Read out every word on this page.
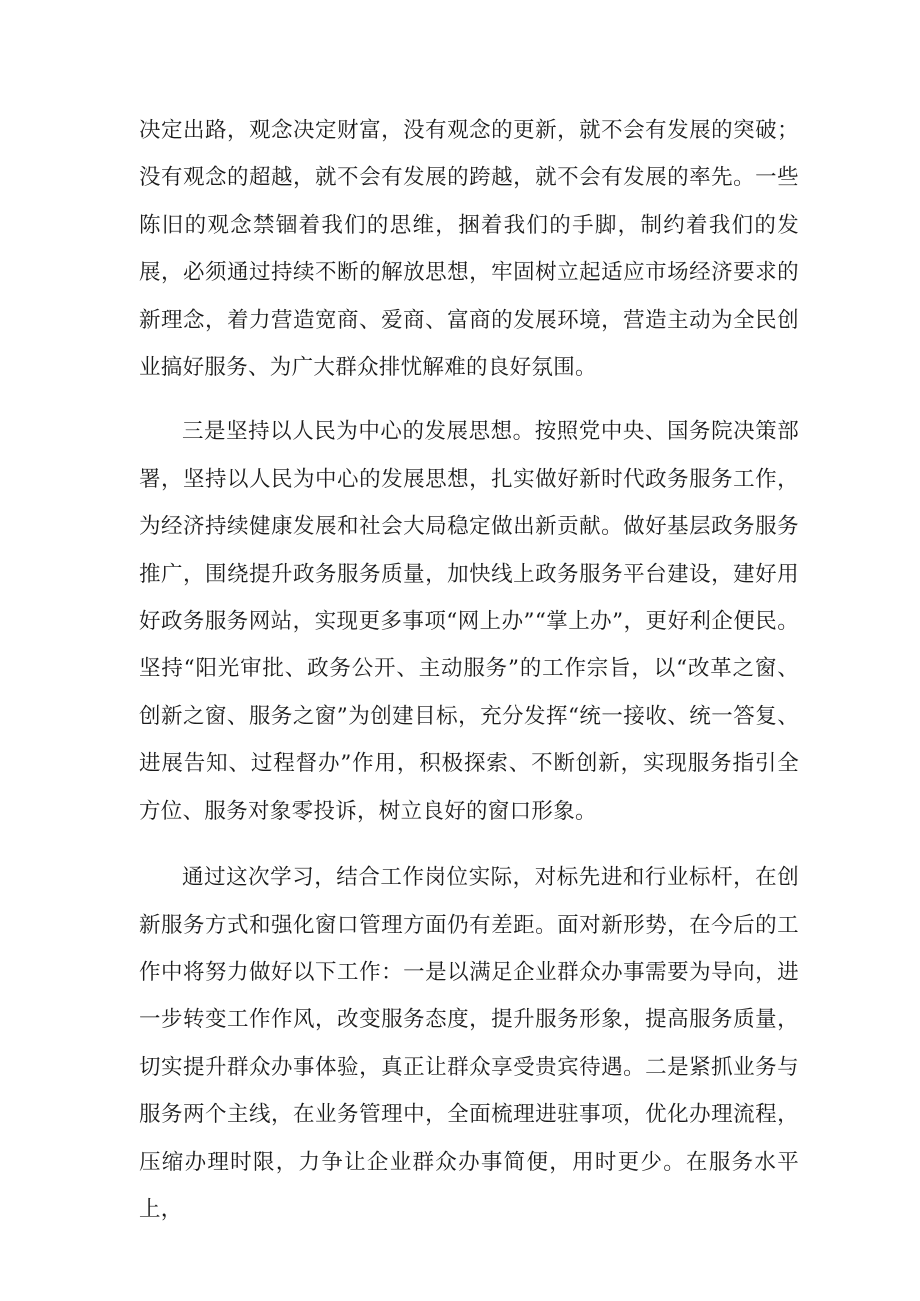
决定出路，观念决定财富，没有观念的更新，就不会有发展的突破；没有观念的超越，就不会有发展的跨越，就不会有发展的率先。一些陈旧的观念禁锢着我们的思维，捆着我们的手脚，制约着我们的发展，必须通过持续不断的解放思想，牢固树立起适应市场经济要求的新理念，着力营造宽商、爱商、富商的发展环境，营造主动为全民创业搞好服务、为广大群众排忧解难的良好氛围。

三是坚持以人民为中心的发展思想。按照党中央、国务院决策部署，坚持以人民为中心的发展思想，扎实做好新时代政务服务工作，为经济持续健康发展和社会大局稳定做出新贡献。做好基层政务服务推广，围绕提升政务服务质量，加快线上政务服务平台建设，建好用好政务服务网站，实现更多事项“网上办”“掌上办”，更好利企便民。坚持“阳光审批、政务公开、主动服务”的工作宗旨，以“改革之窗、创新之窗、服务之窗”为创建目标，充分发挥“统一接收、统一答复、进展告知、过程督办”作用，积极探索、不断创新，实现服务指引全方位、服务对象零投诉，树立良好的窗口形象。

通过这次学习，结合工作岗位实际，对标先进和行业标杆，在创新服务方式和强化窗口管理方面仍有差距。面对新形势，在今后的工作中将努力做好以下工作：一是以满足企业群众办事需要为导向，进一步转变工作作风，改变服务态度，提升服务形象，提高服务质量，切实提升群众办事体验，真正让群众享受贵宾待遇。二是紧抓业务与服务两个主线，在业务管理中，全面梳理进驻事项，优化办理流程，压缩办理时限，力争让企业群众办事简便，用时更少。在服务水平上，
